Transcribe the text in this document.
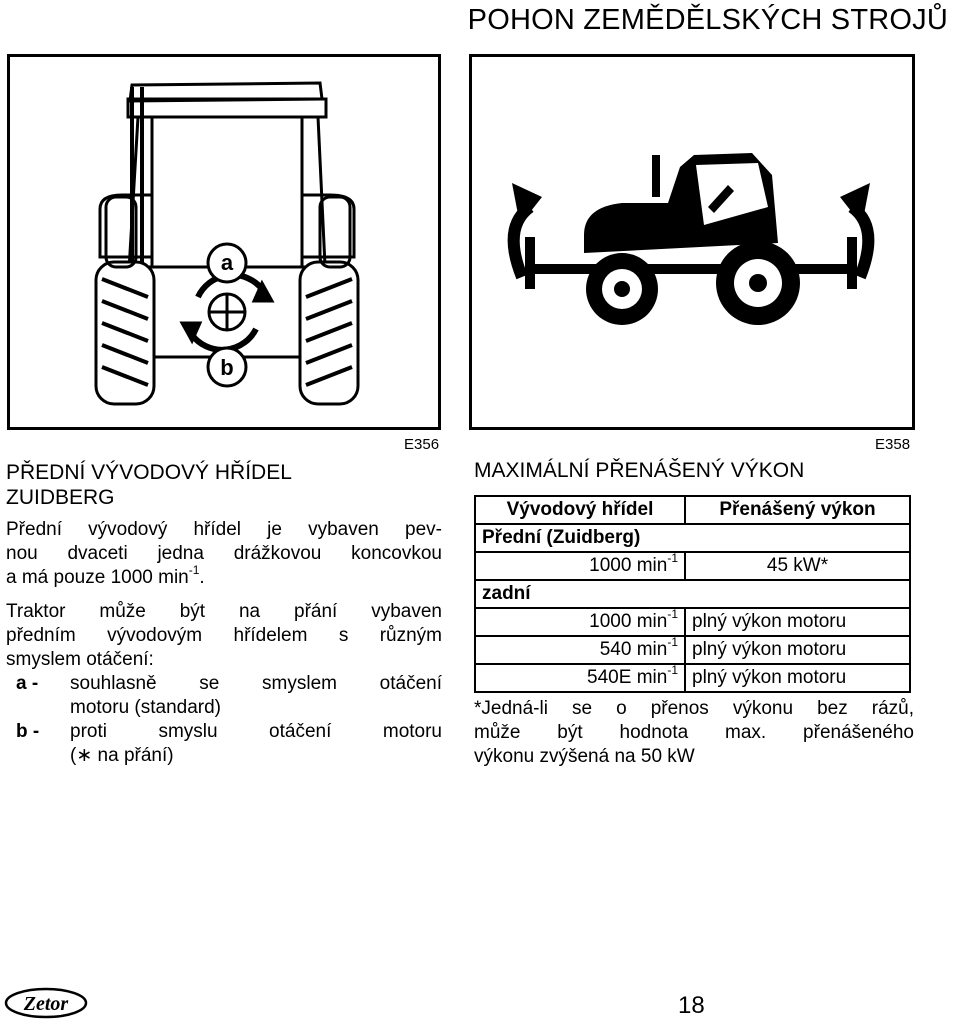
POHON ZEMĚDĚLSKÝCH STROJŮ
a
b
E356	E358
PŘEDNÍ VÝVODOVÝ HŘÍDEL
ZUIDBERG
Přední vývodový hřídel je vybaven pev-
nou dvaceti jedna drážkovou koncovkou
a má pouze 1000 $\min^{-1}$.
Traktor může být na přání vybaven
předním vývodovým hřídelem s různým
smyslem otáčení:
a -	souhlasně se smyslem otáčení
motoru (standard)
b -	proti smyslu otáčení motoru
(∗ na přání)
MAXIMÁLNÍ PŘENÁŠENÝ VÝKON
Vývodový hřídel	Přenášený výkon
Přední (Zuidberg)	
1000 $\min^{-1}$	45 kW*
zadní	
1000 $\min^{-1}$	plný výkon motoru
540 $\min^{-1}$	plný výkon motoru
540E $\min^{-1}$	plný výkon motoru
*Jedná-li se o přenos výkonu bez rázů,
může být hodnota max. přenášeného
výkonu zvýšená na 50 kW
Zetor	18
